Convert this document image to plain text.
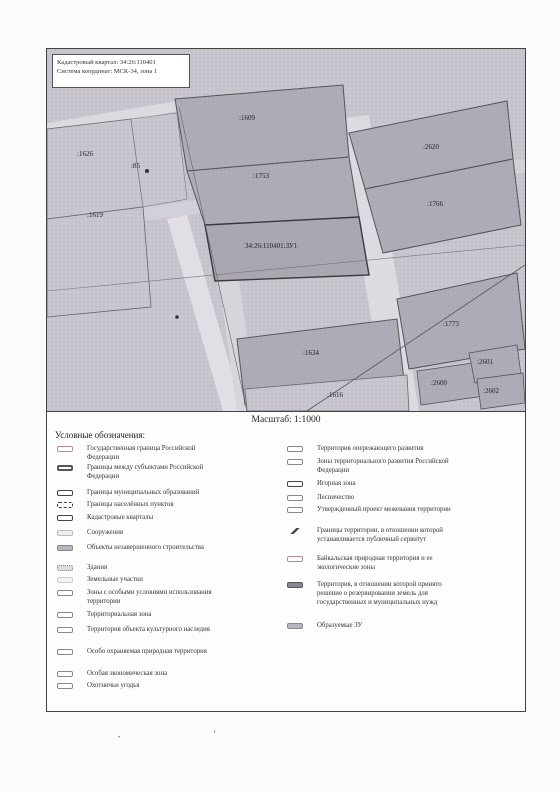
:1609
:1626
:85
:2620
:1753
:1766
:1619
34:26:110401:ЗУ1
:1773
:1634
:2601
:2600
:2602
:1616
Кадастровый квартал: 34:26:110401
Система координат: МСК-34, зона 1
Масштаб: 1:1000
Условные обозначения:
Государственная граница Российской Федерации
Границы между субъектами Российской Федерации
Границы муниципальных образований
Границы населённых пунктов
Кадастровые кварталы
Сооружения
Объекты незавершенного строительства
Здания
Земельные участки
Зоны с особыми условиями использования территории
Территориальная зона
Территория объекта культурного наследия
Особо охраняемая природная территория
Особая экономическая зона
Охотничьи угодья
Территория опережающего развития
Зоны территориального развития Российской Федерации
Игорная зона
Лесничество
Утвержденный проект межевания территории
Границы территории, в отношении которой устанавливается публичный сервитут
Байкальская природная территория и ее экологические зоны
Территория, в отношении которой принято решение о резервировании земель для государственных и муниципальных нужд
Образуемые ЗУ
•
ı
